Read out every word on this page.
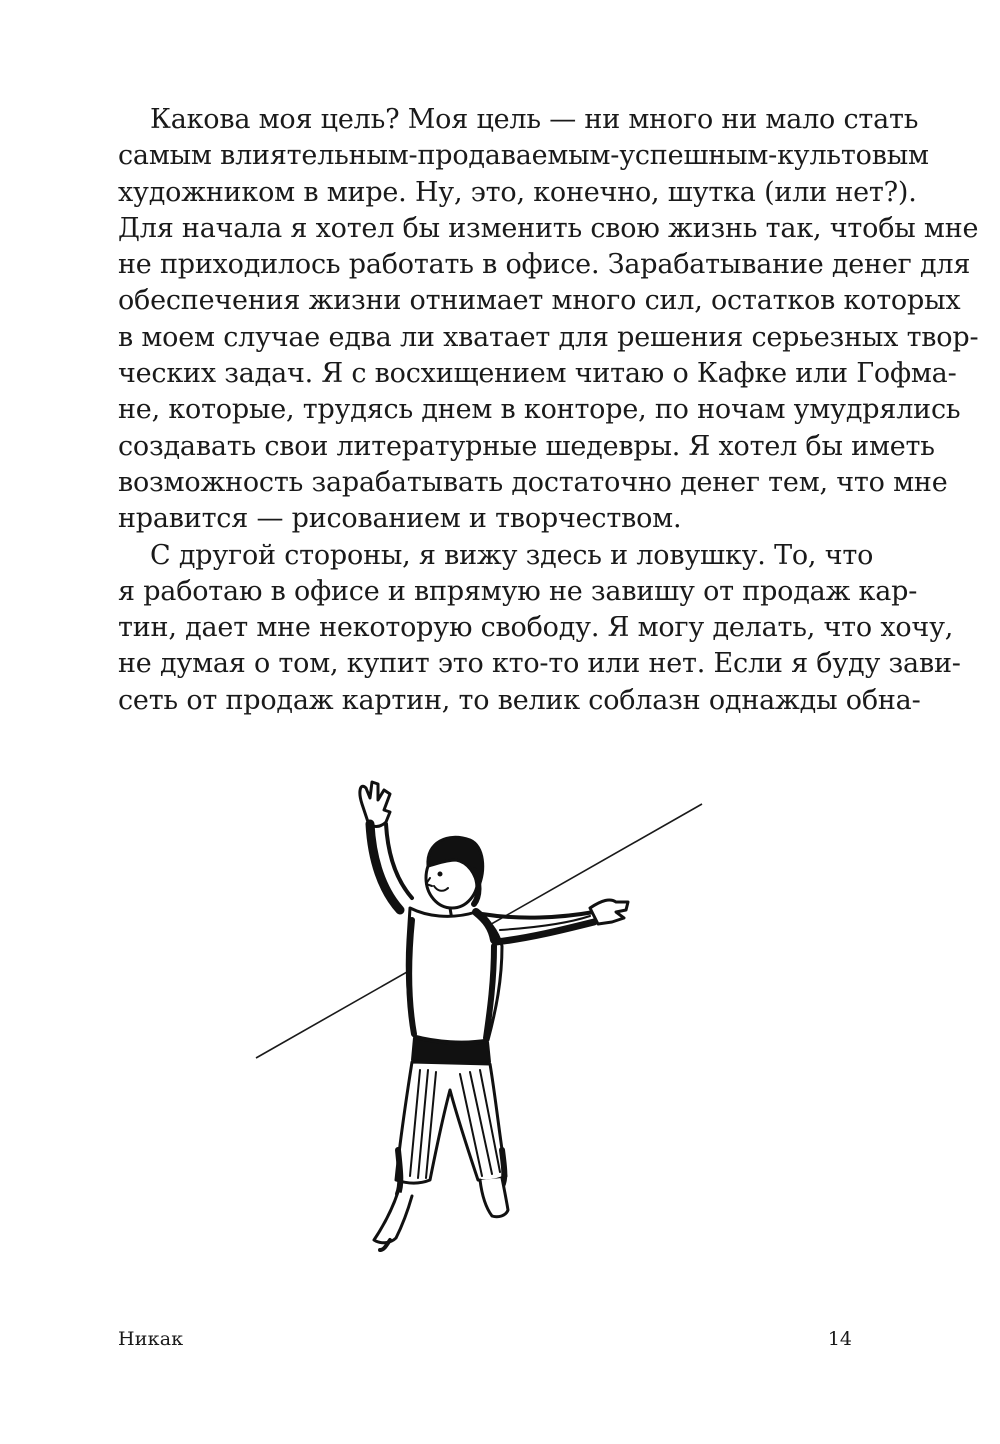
Какова моя цель? Моя цель — ни много ни мало стать
самым влиятельным-продаваемым-успешным-культовым
художником в мире. Ну, это, конечно, шутка (или нет?).
Для начала я хотел бы изменить свою жизнь так, чтобы мне
не приходилось работать в офисе. Зарабатывание денег для
обеспечения жизни отнимает много сил, остатков которых
в моем случае едва ли хватает для решения серьезных твор-
ческих задач. Я с восхищением читаю о Кафке или Гофма-
не, которые, трудясь днем в конторе, по ночам умудрялись
создавать свои литературные шедевры. Я хотел бы иметь
возможность зарабатывать достаточно денег тем, что мне
нравится — рисованием и творчеством.
С другой стороны, я вижу здесь и ловушку. То, что
я работаю в офисе и впрямую не завишу от продаж кар-
тин, дает мне некоторую свободу. Я могу делать, что хочу,
не думая о том, купит это кто-то или нет. Если я буду зави-
сеть от продаж картин, то велик соблазн однажды обна-
Никак	14
